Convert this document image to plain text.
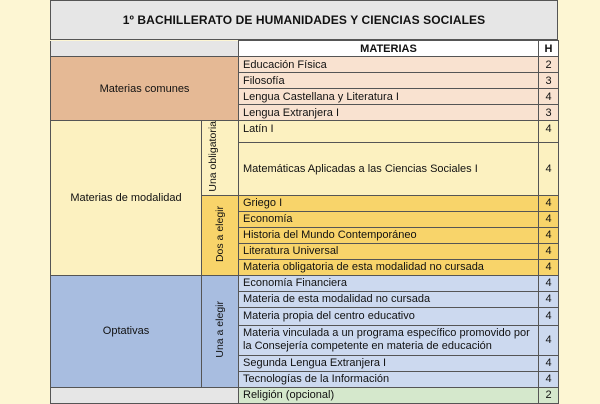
1º BACHILLERATO DE HUMANIDADES Y CIENCIAS SOCIALES
		MATERIAS	H
Materias comunes		Educación Física	2
		Filosofía	3
		Lengua Castellana y Literatura I	4
		Lengua Extranjera I	3
Materias de modalidad	Una obligatoria	Latín I	4
		Matemáticas Aplicadas a las Ciencias Sociales I	4
	Dos a elegir	Griego I	4
		Economía	4
		Historia del Mundo Contemporáneo	4
		Literatura Universal	4
		Materia obligatoria de esta modalidad no cursada	4
Optativas	Una a elegir	Economía Financiera	4
		Materia de esta modalidad no cursada	4
		Materia propia del centro educativo	4
		Materia vinculada a un programa específico promovido por la Consejería competente en materia de educación	4
		Segunda Lengua Extranjera I	4
		Tecnologías de la Información	4
		Religión (opcional)	2
